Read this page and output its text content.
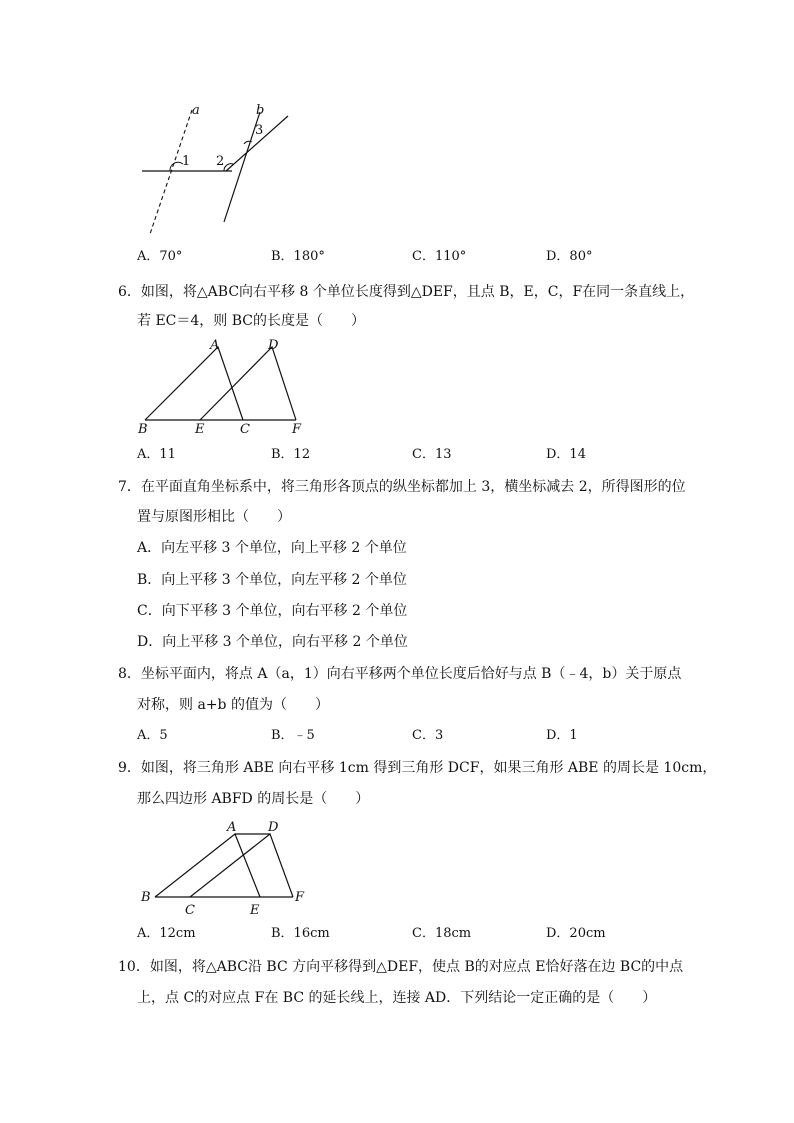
a	b
1 2
3
A．70°	B．180°	C．110°	D．80°
6．如图，将△ABC向右平移 8 个单位长度得到△DEF，且点 B，E，C，F在同一条直线上，
若 EC＝4，则 BC的长度是（　　）
A	D
B	E	C	F
A．11	B．12	C．13	D．14
7．在平面直角坐标系中，将三角形各顶点的纵坐标都加上 3，横坐标减去 2，所得图形的位
置与原图形相比（　　）
A．向左平移 3 个单位，向上平移 2 个单位
B．向上平移 3 个单位，向左平移 2 个单位
C．向下平移 3 个单位，向右平移 2 个单位
D．向上平移 3 个单位，向右平移 2 个单位
8．坐标平面内，将点 A（a，1）向右平移两个单位长度后恰好与点 B（﹣4，b）关于原点
对称，则 a+b 的值为（　　）
A．5	B．﹣5	C．3	D．1
9．如图，将三角形 ABE 向右平移 1cm 得到三角形 DCF，如果三角形 ABE 的周长是 10cm，
那么四边形 ABFD 的周长是（　　）
A D
B
C	E
F
A．12cm	B．16cm	C．18cm	D．20cm
10．如图，将△ABC沿 BC 方向平移得到△DEF，使点 B的对应点 E恰好落在边 BC的中点
上，点 C的对应点 F在 BC 的延长线上，连接 AD．下列结论一定正确的是（　　）
